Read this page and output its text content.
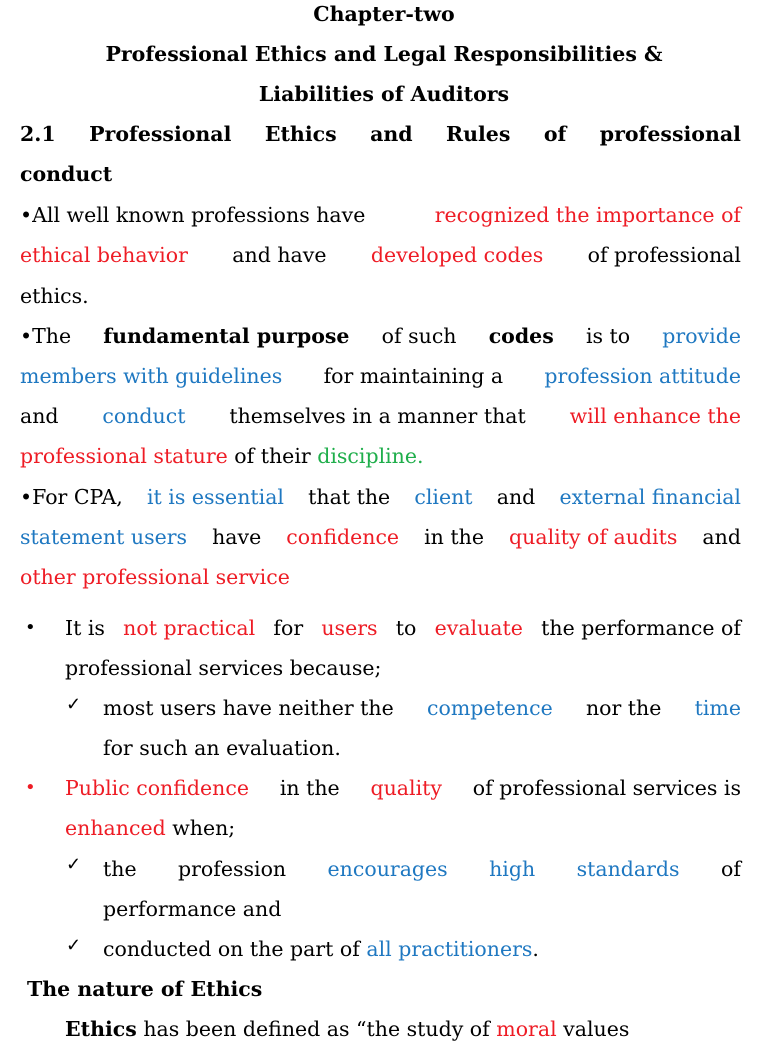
Chapter-two
Professional Ethics and Legal Responsibilities &
Liabilities of Auditors
2.1 Professional Ethics and Rules of professional
conduct
•All well known professions have	recognized the importance of
ethical behavior and have developed codes of professional
ethics.
•The fundamental purpose of such codes is to provide
members with guidelines for maintaining a profession attitude
and conduct themselves in a manner that will enhance the
professional stature of their discipline.
•For CPA, it is essential that the client and external financial
statement users have confidence in the quality of audits and
other professional service
• It is not practical for users to evaluate the performance of
professional services because;
✓ most users have neither the competence nor the time
for such an evaluation.
• Public confidence in the quality of professional services is
enhanced when;
✓ the profession encourages high standards of
performance and
✓ conducted on the part of all practitioners.
The nature of Ethics
Ethics has been defined as “the study of moral values
